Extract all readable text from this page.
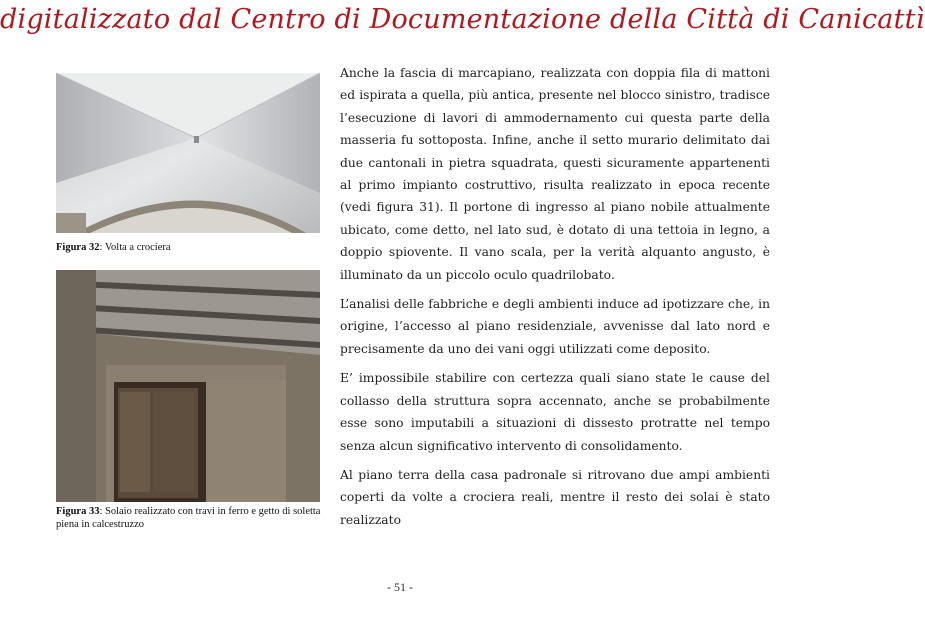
digitalizzato dal Centro di Documentazione della Città di Canicattì
Figura 32: Volta a crociera
Figura 33: Solaio realizzato con travi in ferro e getto di soletta piena in calcestruzzo

Anche la fascia di marcapiano, realizzata con doppia fila di mattoni ed ispirata a quella, più antica, presente nel blocco sinistro, tradisce l’esecuzione di lavori di ammodernamento cui questa parte della masseria fu sottoposta. Infine, anche il setto murario delimitato dai due cantonali in pietra squadrata, questi sicuramente appartenenti al primo impianto costruttivo, risulta realizzato in epoca recente (vedi figura 31). Il portone di ingresso al piano nobile attualmente ubicato, come detto, nel lato sud, è dotato di una tettoia in legno, a doppio spiovente. Il vano scala, per la verità alquanto angusto, è illuminato da un piccolo oculo quadrilobato.

L’analisi delle fabbriche e degli ambienti induce ad ipotizzare che, in origine, l’accesso al piano residenziale, avvenisse dal lato nord e precisamente da uno dei vani oggi utilizzati come deposito.

E’ impossibile stabilire con certezza quali siano state le cause del collasso della struttura sopra accennato, anche se probabilmente esse sono imputabili a situazioni di dissesto protratte nel tempo senza alcun significativo intervento di consolidamento.

Al piano terra della casa padronale si ritrovano due ampi ambienti coperti da volte a crociera reali, mentre il resto dei solai è stato realizzato

- 51 -
